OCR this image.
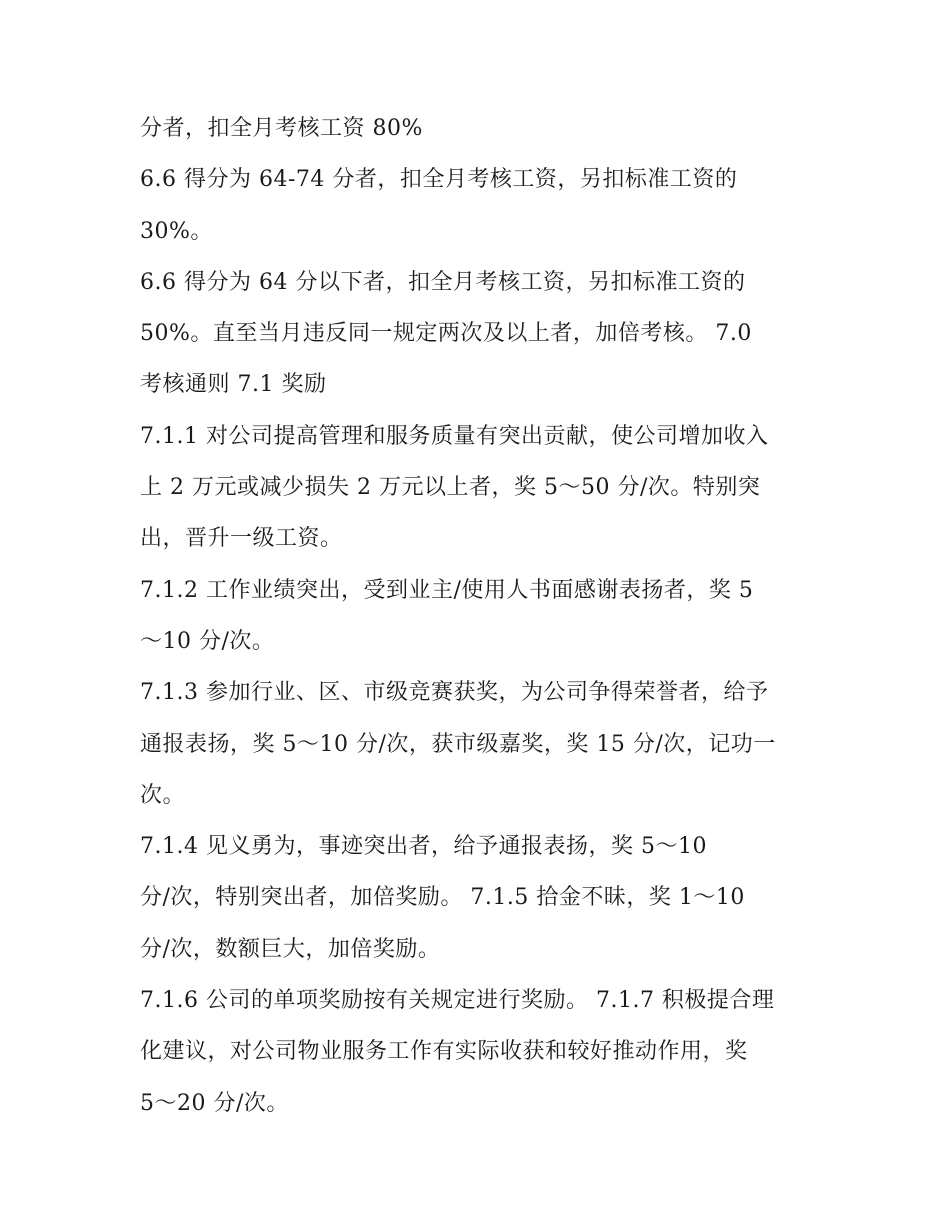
分者，扣全月考核工资 80%
6.6 得分为 64-74 分者，扣全月考核工资，另扣标准工资的
30%。
6.6 得分为 64 分以下者，扣全月考核工资，另扣标准工资的
50%。直至当月违反同一规定两次及以上者，加倍考核。 7.0
考核通则 7.1 奖励
7.1.1 对公司提高管理和服务质量有突出贡献，使公司增加收入
上 2 万元或减少损失 2 万元以上者，奖 5～50 分/次。特别突
出，晋升一级工资。
7.1.2 工作业绩突出，受到业主/使用人书面感谢表扬者，奖 5
～10 分/次。
7.1.3 参加行业、区、市级竞赛获奖，为公司争得荣誉者，给予
通报表扬，奖 5～10 分/次，获市级嘉奖，奖 15 分/次，记功一
次。
7.1.4 见义勇为，事迹突出者，给予通报表扬，奖 5～10
分/次，特别突出者，加倍奖励。 7.1.5 拾金不昧，奖 1～10
分/次，数额巨大，加倍奖励。
7.1.6 公司的单项奖励按有关规定进行奖励。 7.1.7 积极提合理
化建议，对公司物业服务工作有实际收获和较好推动作用，奖
5～20 分/次。
